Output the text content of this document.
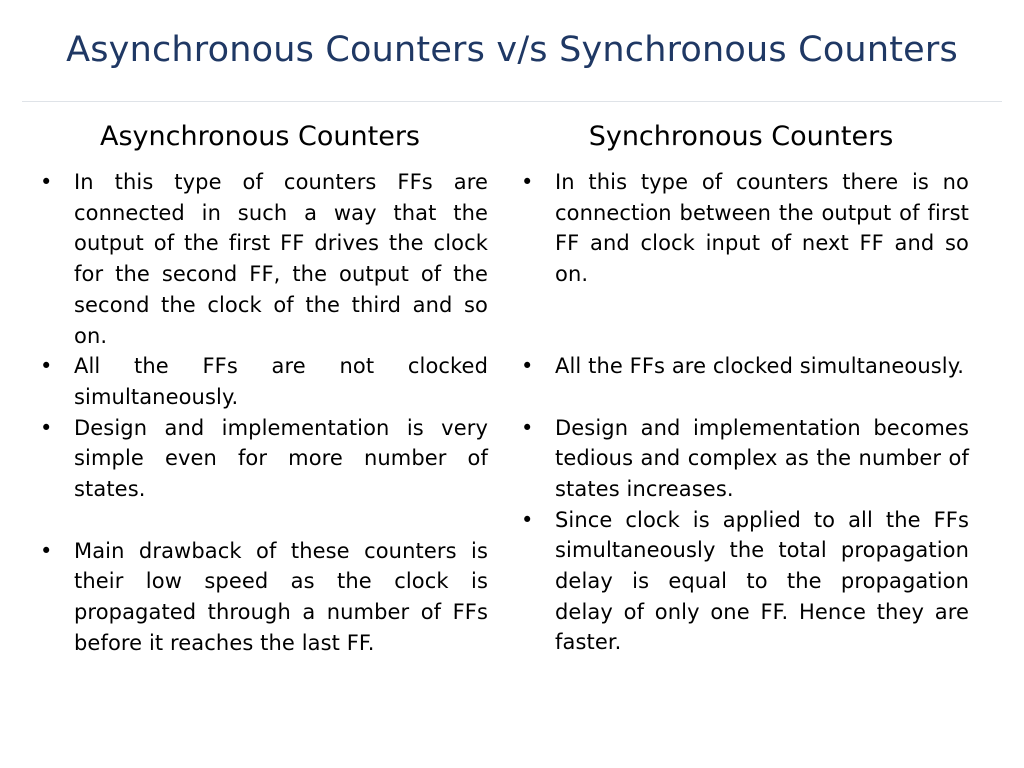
Asynchronous Counters v/s Synchronous Counters
Asynchronous Counters
• In this type of counters FFs are connected in such a way that the output of the first FF drives the clock for the second FF, the output of the second the clock of the third and so on.
• All the FFs are not clocked simultaneously.
• Design and implementation is very simple even for more number of states.
• Main drawback of these counters is their low speed as the clock is propagated through a number of FFs before it reaches the last FF.
Synchronous Counters
• In this type of counters there is no connection between the output of first FF and clock input of next FF and so on.
• All the FFs are clocked simultaneously.
• Design and implementation becomes tedious and complex as the number of states increases.
• Since clock is applied to all the FFs simultaneously the total propagation delay is equal to the propagation delay of only one FF. Hence they are faster.
